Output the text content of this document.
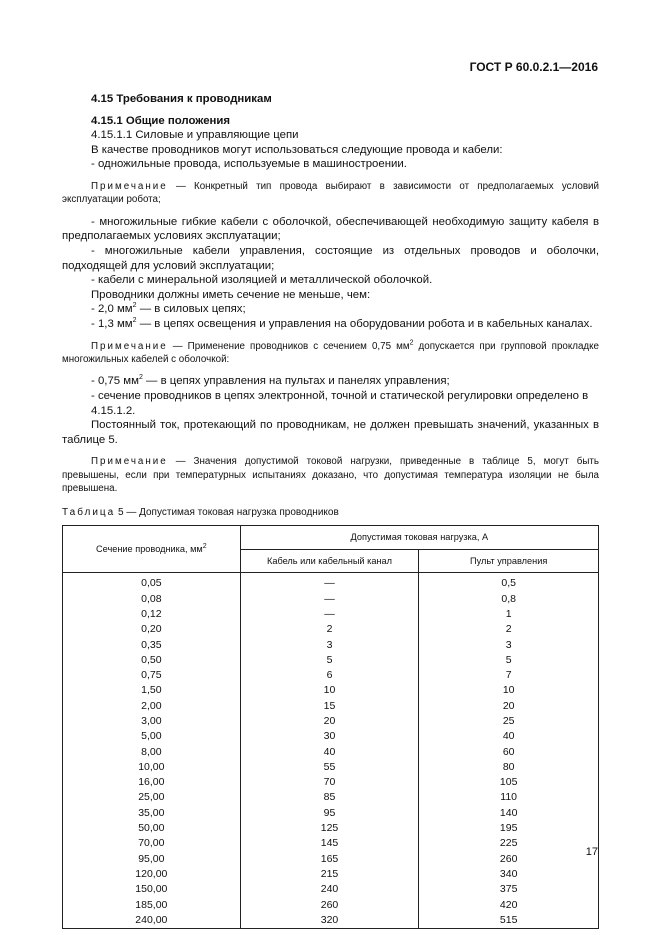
ГОСТ Р 60.0.2.1—2016

4.15 Требования к проводникам

4.15.1 Общие положения

4.15.1.1 Силовые и управляющие цепи

В качестве проводников могут использоваться следующие провода и кабели:

- одножильные провода, используемые в машиностроении.

Примечание — Конкретный тип провода выбирают в зависимости от предполагаемых условий эксплуатации робота;

- многожильные гибкие кабели с оболочкой, обеспечивающей необходимую защиту кабеля в предполагаемых условиях эксплуатации;

- многожильные кабели управления, состоящие из отдельных проводов и оболочки, подходящей для условий эксплуатации;

- кабели с минеральной изоляцией и металлической оболочкой.

Проводники должны иметь сечение не меньше, чем:

- 2,0 $мм^2$ — в силовых цепях;

- 1,3 $мм^2$ — в цепях освещения и управления на оборудовании робота и в кабельных каналах.

Примечание — Применение проводников с сечением 0,75 $мм^2$ допускается при групповой прокладке многожильных кабелей с оболочкой:

- 0,75 $мм^2$ — в цепях управления на пультах и панелях управления;

- сечение проводников в цепях электронной, точной и статической регулировки определено в 4.15.1.2.

Постоянный ток, протекающий по проводникам, не должен превышать значений, указанных в таблице 5.

Примечание — Значения допустимой токовой нагрузки, приведенные в таблице 5, могут быть превышены, если при температурных испытаниях доказано, что допустимая температура изоляции не была превышена.

Таблица 5 — Допустимая токовая нагрузка проводников

Сечение проводника, $мм^2$	Допустимая токовая нагрузка, А	
	Кабель или кабельный канал	Пульт управления
0,05	—	0,5
0,08	—	0,8
0,12	—	1
0,20	2	2
0,35	3	3
0,50	5	5
0,75	6	7
1,50	10	10
2,00	15	20
3,00	20	25
5,00	30	40
8,00	40	60
10,00	55	80
16,00	70	105
25,00	85	110
35,00	95	140
50,00	125	195
70,00	145	225
95,00	165	260
120,00	215	340
150,00	240	375
185,00	260	420
240,00	320	515
17
